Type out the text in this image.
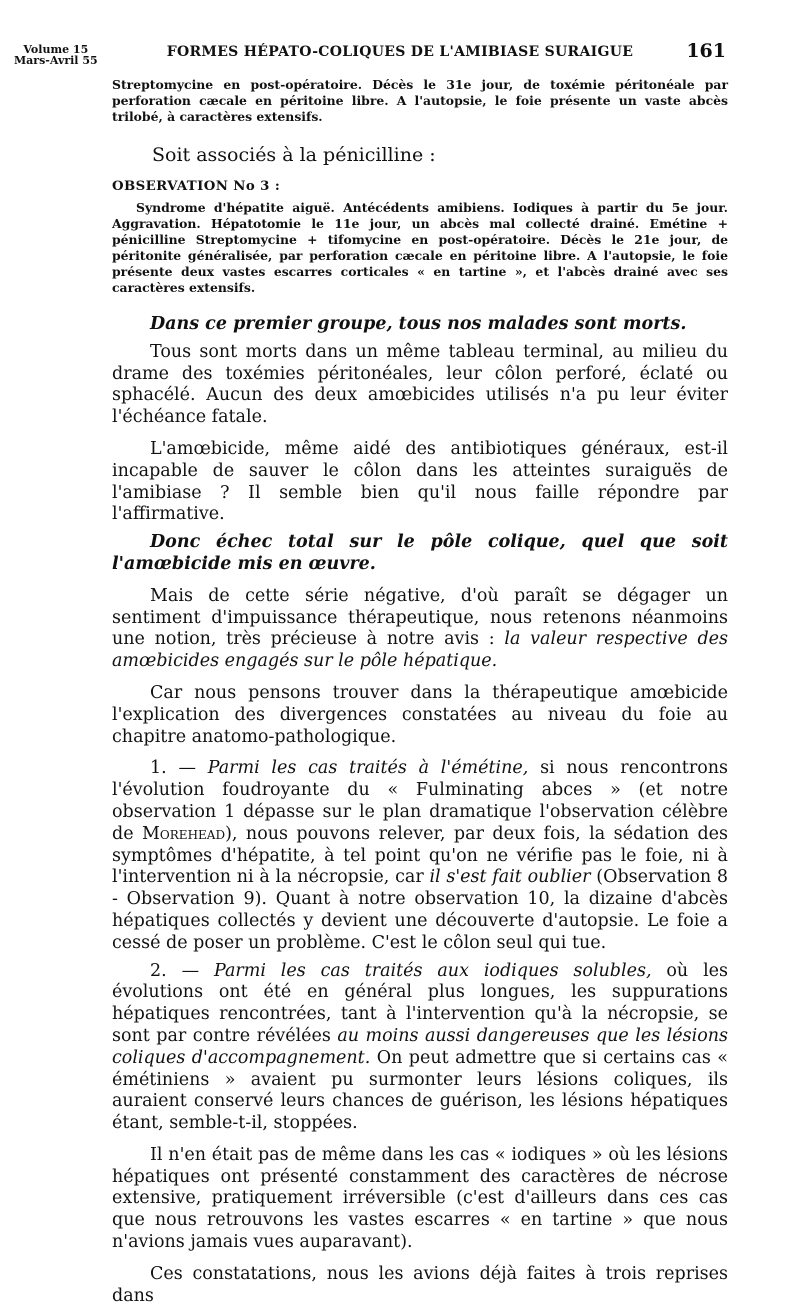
Volume 15
Mars-Avril 55
FORMES HÉPATO-COLIQUES DE L'AMIBIASE SURAIGUE	161

Streptomycine en post-opératoire. Décès le 31e jour, de toxémie péritonéale par perforation cæcale en péritoine libre. A l'autopsie, le foie présente un vaste abcès trilobé, à caractères extensifs.

Soit associés à la pénicilline :
OBSERVATION No 3 :

Syndrome d'hépatite aiguë. Antécédents amibiens. Iodiques à partir du 5e jour. Aggravation. Hépatotomie le 11e jour, un abcès mal collecté drainé. Emétine + pénicilline Streptomycine + tifomycine en post-opératoire. Décès le 21e jour, de péritonite généralisée, par perforation cæcale en péritoine libre. A l'autopsie, le foie présente deux vastes escarres corticales « en tartine », et l'abcès drainé avec ses caractères extensifs.

Dans ce premier groupe, tous nos malades sont morts.

Tous sont morts dans un même tableau terminal, au milieu du drame des toxémies péritonéales, leur côlon perforé, éclaté ou sphacélé. Aucun des deux amœbicides utilisés n'a pu leur éviter l'échéance fatale.

L'amœbicide, même aidé des antibiotiques généraux, est-il incapable de sauver le côlon dans les atteintes suraiguës de l'amibiase ? Il semble bien qu'il nous faille répondre par l'affirmative.

Donc échec total sur le pôle colique, quel que soit l'amœbicide mis en œuvre.

Mais de cette série négative, d'où paraît se dégager un sentiment d'impuissance thérapeutique, nous retenons néanmoins une notion, très précieuse à notre avis : la valeur respective des amœbicides engagés sur le pôle hépatique.

Car nous pensons trouver dans la thérapeutique amœbicide l'explication des divergences constatées au niveau du foie au chapitre anatomo-pathologique.

1. — Parmi les cas traités à l'émétine, si nous rencontrons l'évolution foudroyante du « Fulminating abces » (et notre observation 1 dépasse sur le plan dramatique l'observation célèbre de Morehead), nous pouvons relever, par deux fois, la sédation des symptômes d'hépatite, à tel point qu'on ne vérifie pas le foie, ni à l'intervention ni à la nécropsie, car il s'est fait oublier (Observation 8 - Observation 9). Quant à notre observation 10, la dizaine d'abcès hépatiques collectés y devient une découverte d'autopsie. Le foie a cessé de poser un problème. C'est le côlon seul qui tue.

2. — Parmi les cas traités aux iodiques solubles, où les évolutions ont été en général plus longues, les suppurations hépatiques rencontrées, tant à l'intervention qu'à la nécropsie, se sont par contre révélées au moins aussi dangereuses que les lésions coliques d'accompagnement. On peut admettre que si certains cas « émétiniens » avaient pu surmonter leurs lésions coliques, ils auraient conservé leurs chances de guérison, les lésions hépatiques étant, semble-t-il, stoppées.

Il n'en était pas de même dans les cas « iodiques » où les lésions hépatiques ont présenté constamment des caractères de nécrose extensive, pratiquement irréversible (c'est d'ailleurs dans ces cas que nous retrouvons les vastes escarres « en tartine » que nous n'avions jamais vues auparavant).

Ces constatations, nous les avions déjà faites à trois reprises dans
